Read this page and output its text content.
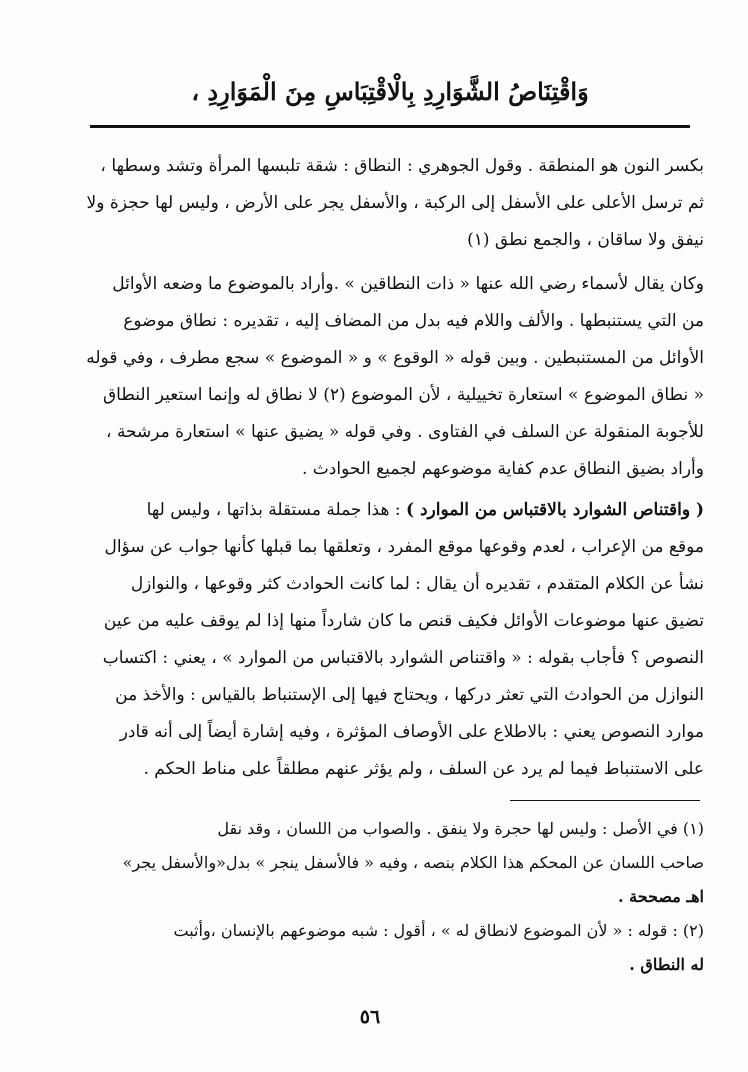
وَاقْتِنَاصُ الشَّوَارِدِ بِالْاقْتِبَاسِ مِنَ الْمَوَارِدِ ،
بكسر النون هو المنطقة . وقول الجوهري : النطاق : شقة تلبسها المرأة وتشد وسطها ،
ثم ترسل الأعلى على الأسفل إلى الركبة ، والأسفل يجر على الأرض ، وليس لها حجزة ولا
نيفق ولا ساقان ، والجمع نطق (١)
وكان يقال لأسماء رضي الله عنها « ذات النطاقين » .وأراد بالموضوع ما وضعه الأوائل
من التي يستنبطها . والألف واللام فيه بدل من المضاف إليه ، تقديره : نطاق موضوع
الأوائل من المستنبطين . وبين قوله « الوقوع » و « الموضوع » سجع مطرف ، وفي قوله
« نطاق الموضوع » استعارة تخييلية ، لأن الموضوع (٢) لا نطاق له وإنما استعير النطاق
للأجوبة المنقولة عن السلف في الفتاوى . وفي قوله « يضيق عنها » استعارة مرشحة ،
وأراد بضيق النطاق عدم كفاية موضوعهم لجميع الحوادث .
( واقتناص الشوارد بالاقتباس من الموارد ) : هذا جملة مستقلة بذاتها ، وليس لها
موقع من الإعراب ، لعدم وقوعها موقع المفرد ، وتعلقها بما قبلها كأنها جواب عن سؤال
نشأ عن الكلام المتقدم ، تقديره أن يقال : لما كانت الحوادث كثر وقوعها ، والنوازل
تضيق عنها موضوعات الأوائل فكيف قنص ما كان شارداً منها إذا لم يوقف عليه من عين
النصوص ؟ فأجاب بقوله : « واقتناص الشوارد بالاقتباس من الموارد » ، يعني : اكتساب
النوازل من الحوادث التي تعثر دركها ، ويحتاج فيها إلى الإستنباط بالقياس : والأخذ من
موارد النصوص يعني : بالاطلاع على الأوصاف المؤثرة ، وفيه إشارة أيضاً إلى أنه قادر
على الاستنباط فيما لم يرد عن السلف ، ولم يؤثر عنهم مطلقاً على مناط الحكم .
(١) في الأصل : وليس لها حجرة ولا ينفق . والصواب من اللسان ، وقد نقل
صاحب اللسان عن المحكم هذا الكلام بنصه ، وفيه « فالأسفل ينجر » بدل«والأسفل يجر»
اهـ مصححة .
(٢) : قوله : « لأن الموضوع لانطاق له » ، أقول : شبه موضوعهم بالإنسان ،وأثبت
له النطاق .
٥٦
